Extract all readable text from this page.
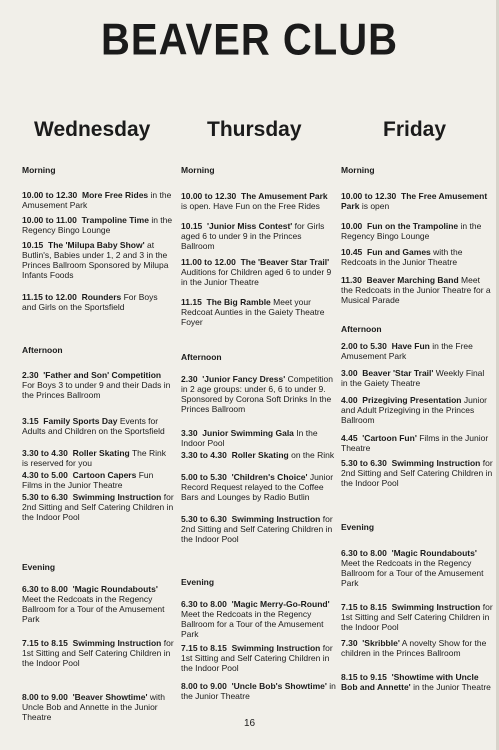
BEAVER CLUB
Wednesday	Thursday	Friday
Morning
10.00 to 12.30 More Free Rides in the Amusement Park
10.00 to 11.00 Trampoline Time in the Regency Bingo Lounge
10.15 The 'Milupa Baby Show' at Butlin's, Babies under 1, 2 and 3 in the Princes Ballroom Sponsored by Milupa Infants Foods
11.15 to 12.00 Rounders For Boys and Girls on the Sportsfield
Afternoon
2.30 'Father and Son' Competition For Boys 3 to under 9 and their Dads in the Princes Ballroom
3.15 Family Sports Day Events for Adults and Children on the Sportsfield
3.30 to 4.30 Roller Skating The Rink is reserved for you
4.30 to 5.00 Cartoon Capers Fun Films in the Junior Theatre
5.30 to 6.30 Swimming Instruction for 2nd Sitting and Self Catering Children in the Indoor Pool
Evening
6.30 to 8.00 'Magic Roundabouts' Meet the Redcoats in the Regency Ballroom for a Tour of the Amusement Park
7.15 to 8.15 Swimming Instruction for 1st Sitting and Self Catering Children in the Indoor Pool
8.00 to 9.00 'Beaver Showtime' with Uncle Bob and Annette in the Junior Theatre
Morning
10.00 to 12.30 The Amusement Park is open. Have Fun on the Free Rides
10.15 'Junior Miss Contest' for Girls aged 6 to under 9 in the Princes Ballroom
11.00 to 12.00 The 'Beaver Star Trail' Auditions for Children aged 6 to under 9 in the Junior Theatre
11.15 The Big Ramble Meet your Redcoat Aunties in the Gaiety Theatre Foyer
Afternoon
2.30 'Junior Fancy Dress' Competition in 2 age groups: under 6, 6 to under 9. Sponsored by Corona Soft Drinks In the Princes Ballroom
3.30 Junior Swimming Gala In the Indoor Pool
3.30 to 4.30 Roller Skating on the Rink
5.00 to 5.30 'Children's Choice' Junior Record Request relayed to the Coffee Bars and Lounges by Radio Butlin
5.30 to 6.30 Swimming Instruction for 2nd Sitting and Self Catering Children in the Indoor Pool
Evening
6.30 to 8.00 'Magic Merry-Go-Round' Meet the Redcoats in the Regency Ballroom for a Tour of the Amusement Park
7.15 to 8.15 Swimming Instruction for 1st Sitting and Self Catering Children in the Indoor Pool
8.00 to 9.00 'Uncle Bob's Showtime' in the Junior Theatre
Morning
10.00 to 12.30 The Free Amusement Park is open
10.00 Fun on the Trampoline in the Regency Bingo Lounge
10.45 Fun and Games with the Redcoats in the Junior Theatre
11.30 Beaver Marching Band Meet the Redcoats in the Junior Theatre for a Musical Parade
Afternoon
2.00 to 5.30 Have Fun in the Free Amusement Park
3.00 Beaver 'Star Trail' Weekly Final in the Gaiety Theatre
4.00 Prizegiving Presentation Junior and Adult Prizegiving in the Princes Ballroom
4.45 'Cartoon Fun' Films in the Junior Theatre
5.30 to 6.30 Swimming Instruction for 2nd Sitting and Self Catering Children in the Indoor Pool
Evening
6.30 to 8.00 'Magic Roundabouts' Meet the Redcoats in the Regency Ballroom for a Tour of the Amusement Park
7.15 to 8.15 Swimming Instruction for 1st Sitting and Self Catering Children in the Indoor Pool
7.30 'Skribble' A novelty Show for the children in the Princes Ballroom
8.15 to 9.15 'Showtime with Uncle Bob and Annette' in the Junior Theatre
16
